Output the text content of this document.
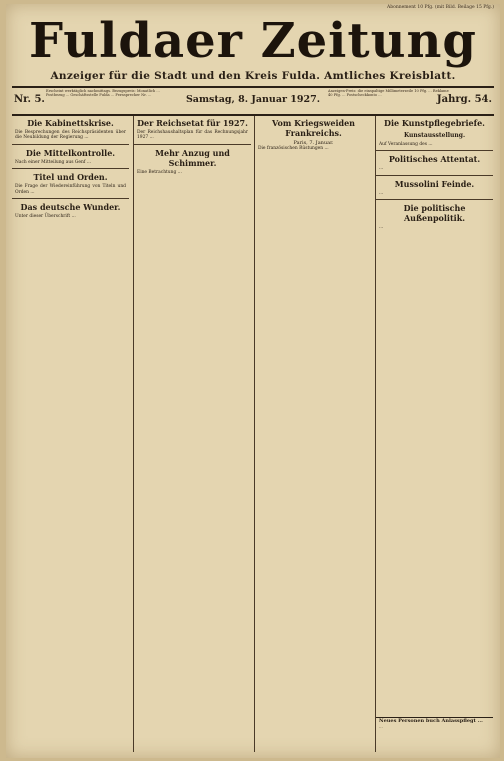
Abonnement 10 Pfg. (mit Bild. Beilage 15 Pfg.)
Fuldaer Zeitung
Anzeiger für die Stadt und den Kreis Fulda. Amtliches Kreisblatt.
Nr. 5.
Erscheint werktäglich nachmittags. Bezugspreis: Monatlich ... Postbezug ... Geschäftsstelle Fulda ... Fernsprecher Nr. ...	Samstag, 8. Januar 1927.
Anzeigen-Preis: die einspaltige Millimeterzeile 10 Pfg. ... Reklame 40 Pfg. ... Postscheckkonto ...	Jahrg. 54.
Die Kabinettskrise.
Die Besprechungen des Reichspräsidenten über die Neubildung der Regierung ...
Die Mittelkontrolle.
Nach einer Mitteilung aus Genf ...
Titel und Orden.
Die Frage der Wiedereinführung von Titeln und Orden ...
Das deutsche Wunder.
Unter dieser Überschrift ...
Der Reichsetat für 1927.
Der Reichshaushaltsplan für das Rechnungsjahr 1927 ...
Mehr Anzug und Schimmer.
Eine Betrachtung ...
Vom Kriegsweiden Frankreichs.
Paris, 7. Januar.
Die französischen Rüstungen ...
Die Kunstpflegebriefe.
Kunstausstellung.
Auf Veranlassung des ...
Politisches Attentat.
...
Mussolini Feinde.
...
Die politische Außenpolitik.
...
Neues Personen buch Anlasspflegt ...
...
